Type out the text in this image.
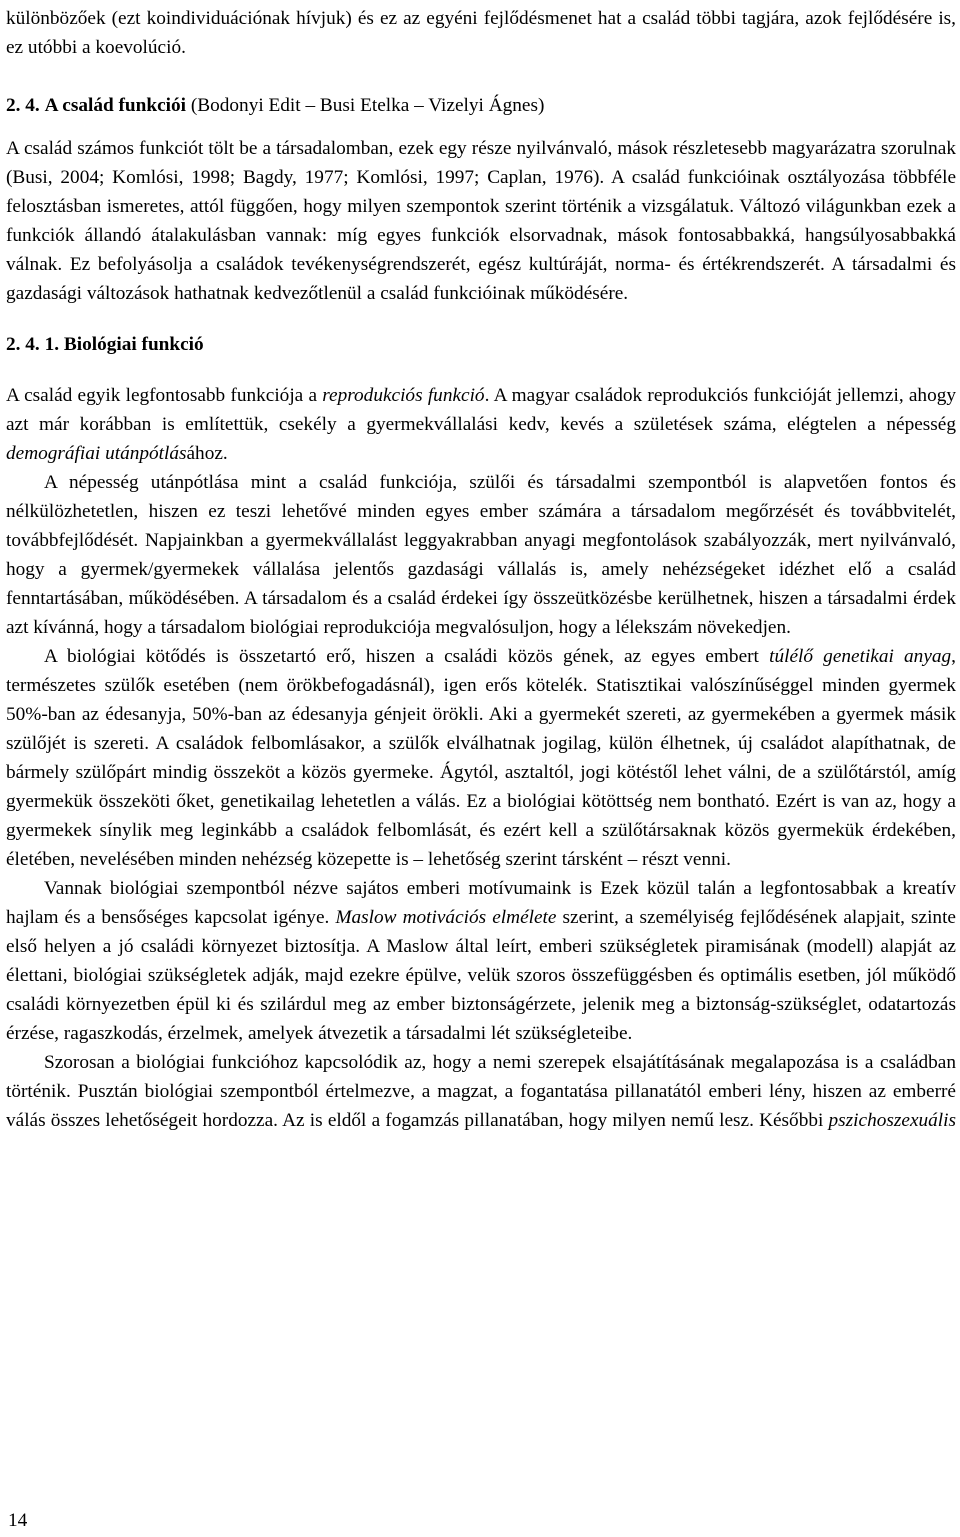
különbözőek (ezt koindividuációnak hívjuk) és ez az egyéni fejlődésmenet hat a család többi tagjára, azok fejlődésére is, ez utóbbi a koevolúció.

2. 4. A család funkciói (Bodonyi Edit – Busi Etelka – Vizelyi Ágnes)

A család számos funkciót tölt be a társadalomban, ezek egy része nyilvánvaló, mások részletesebb magyarázatra szorulnak (Busi, 2004; Komlósi, 1998; Bagdy, 1977; Komlósi, 1997; Caplan, 1976). A család funkcióinak osztályozása többféle felosztásban ismeretes, attól függően, hogy milyen szempontok szerint történik a vizsgálatuk. Változó világunkban ezek a funkciók állandó átalakulásban vannak: míg egyes funkciók elsorvadnak, mások fontosabbakká, hangsúlyosabbakká válnak. Ez befolyásolja a családok tevékenységrendszerét, egész kultúráját, norma- és értékrendszerét. A társadalmi és gazdasági változások hathatnak kedvezőtlenül a család funkcióinak működésére.

2. 4. 1. Biológiai funkció

A család egyik legfontosabb funkciója a reprodukciós funkció. A magyar családok reprodukciós funkcióját jellemzi, ahogy azt már korábban is említettük, csekély a gyermekvállalási kedv, kevés a születések száma, elégtelen a népesség demográfiai utánpótlásához.

A népesség utánpótlása mint a család funkciója, szülői és társadalmi szempontból is alapvetően fontos és nélkülözhetetlen, hiszen ez teszi lehetővé minden egyes ember számára a társadalom megőrzését és továbbvitelét, továbbfejlődését. Napjainkban a gyermekvállalást leggyakrabban anyagi megfontolások szabályozzák, mert nyilvánvaló, hogy a gyermek/gyermekek vállalása jelentős gazdasági vállalás is, amely nehézségeket idézhet elő a család fenntartásában, működésében. A társadalom és a család érdekei így összeütközésbe kerülhetnek, hiszen a társadalmi érdek azt kívánná, hogy a társadalom biológiai reprodukciója megvalósuljon, hogy a lélekszám növekedjen.

A biológiai kötődés is összetartó erő, hiszen a családi közös gének, az egyes embert túlélő genetikai anyag, természetes szülők esetében (nem örökbefogadásnál), igen erős kötelék. Statisztikai valószínűséggel minden gyermek 50%-ban az édesanyja, 50%-ban az édesanyja génjeit örökli. Aki a gyermekét szereti, az gyermekében a gyermek másik szülőjét is szereti. A családok felbomlásakor, a szülők elválhatnak jogilag, külön élhetnek, új családot alapíthatnak, de bármely szülőpárt mindig összeköt a közös gyermeke. Ágytól, asztaltól, jogi kötéstől lehet válni, de a szülőtárstól, amíg gyermekük összeköti őket, genetikailag lehetetlen a válás. Ez a biológiai kötöttség nem bontható. Ezért is van az, hogy a gyermekek sínylik meg leginkább a családok felbomlását, és ezért kell a szülőtársaknak közös gyermekük érdekében, életében, nevelésében minden nehézség közepette is – lehetőség szerint társként – részt venni.

Vannak biológiai szempontból nézve sajátos emberi motívumaink is Ezek közül talán a legfontosabbak a kreatív hajlam és a bensőséges kapcsolat igénye. Maslow motivációs elmélete szerint, a személyiség fejlődésének alapjait, szinte első helyen a jó családi környezet biztosítja. A Maslow által leírt, emberi szükségletek piramisának (modell) alapját az élettani, biológiai szükségletek adják, majd ezekre épülve, velük szoros összefüggésben és optimális esetben, jól működő családi környezetben épül ki és szilárdul meg az ember biztonságérzete, jelenik meg a biztonság-szükséglet, odatartozás érzése, ragaszkodás, érzelmek, amelyek átvezetik a társadalmi lét szükségleteibe.

Szorosan a biológiai funkcióhoz kapcsolódik az, hogy a nemi szerepek elsajátításának megalapozása is a családban történik. Pusztán biológiai szempontból értelmezve, a magzat, a fogantatása pillanatától emberi lény, hiszen az emberré válás összes lehetőségeit hordozza. Az is eldől a fogamzás pillanatában, hogy milyen nemű lesz. Későbbi pszichoszexuális

14
